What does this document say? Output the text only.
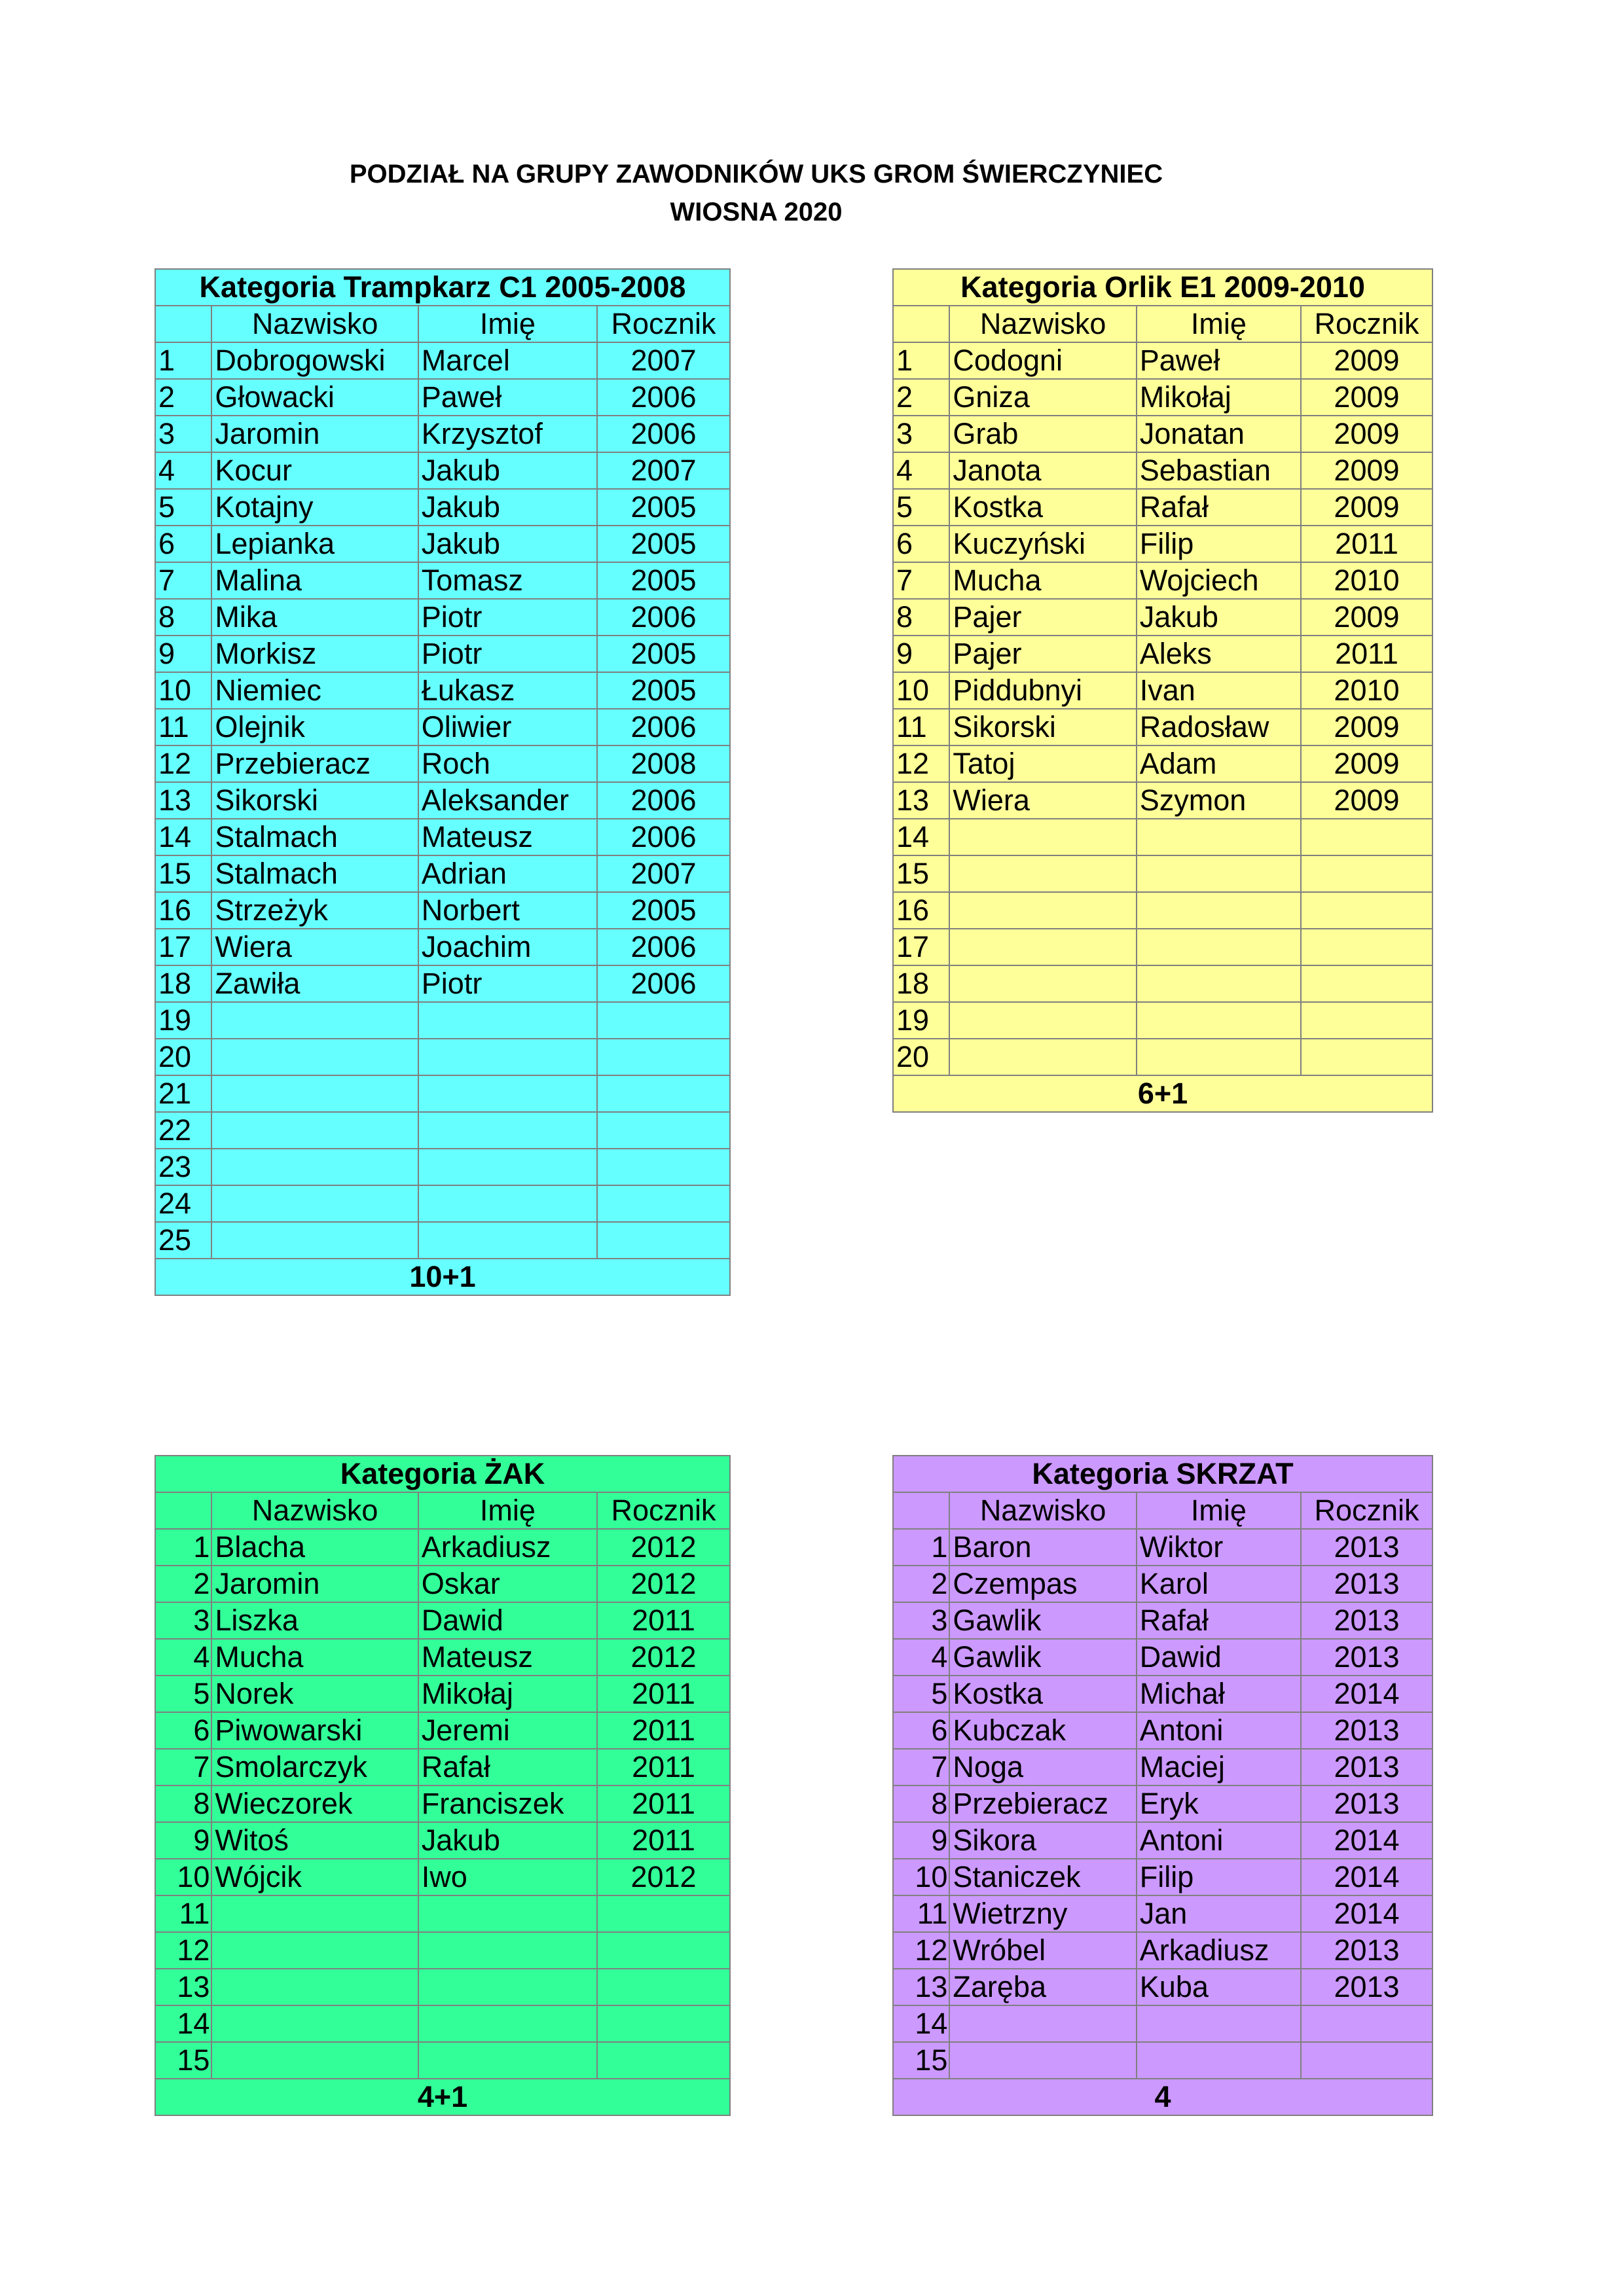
PODZIAŁ NA GRUPY ZAWODNIKÓW UKS GROM ŚWIERCZYNIEC
WIOSNA 2020
Kategoria Trampkarz C1 2005-2008			
	Nazwisko	Imię	Rocznik
1	Dobrogowski	Marcel	2007
2	Głowacki	Paweł	2006
3	Jaromin	Krzysztof	2006
4	Kocur	Jakub	2007
5	Kotajny	Jakub	2005
6	Lepianka	Jakub	2005
7	Malina	Tomasz	2005
8	Mika	Piotr	2006
9	Morkisz	Piotr	2005
10	Niemiec	Łukasz	2005
11	Olejnik	Oliwier	2006
12	Przebieracz	Roch	2008
13	Sikorski	Aleksander	2006
14	Stalmach	Mateusz	2006
15	Stalmach	Adrian	2007
16	Strzeżyk	Norbert	2005
17	Wiera	Joachim	2006
18	Zawiła	Piotr	2006
19			
20			
21			
22			
23			
24			
25			
10+1			
Kategoria Orlik E1 2009-2010			
	Nazwisko	Imię	Rocznik
1	Codogni	Paweł	2009
2	Gniza	Mikołaj	2009
3	Grab	Jonatan	2009
4	Janota	Sebastian	2009
5	Kostka	Rafał	2009
6	Kuczyński	Filip	2011
7	Mucha	Wojciech	2010
8	Pajer	Jakub	2009
9	Pajer	Aleks	2011
10	Piddubnyi	Ivan	2010
11	Sikorski	Radosław	2009
12	Tatoj	Adam	2009
13	Wiera	Szymon	2009
14			
15			
16			
17			
18			
19			
20			
6+1			
Kategoria ŻAK			
	Nazwisko	Imię	Rocznik
1	Blacha	Arkadiusz	2012
2	Jaromin	Oskar	2012
3	Liszka	Dawid	2011
4	Mucha	Mateusz	2012
5	Norek	Mikołaj	2011
6	Piwowarski	Jeremi	2011
7	Smolarczyk	Rafał	2011
8	Wieczorek	Franciszek	2011
9	Witoś	Jakub	2011
10	Wójcik	Iwo	2012
11			
12			
13			
14			
15			
4+1			
Kategoria SKRZAT			
	Nazwisko	Imię	Rocznik
1	Baron	Wiktor	2013
2	Czempas	Karol	2013
3	Gawlik	Rafał	2013
4	Gawlik	Dawid	2013
5	Kostka	Michał	2014
6	Kubczak	Antoni	2013
7	Noga	Maciej	2013
8	Przebieracz	Eryk	2013
9	Sikora	Antoni	2014
10	Staniczek	Filip	2014
11	Wietrzny	Jan	2014
12	Wróbel	Arkadiusz	2013
13	Zaręba	Kuba	2013
14			
15			
4			
